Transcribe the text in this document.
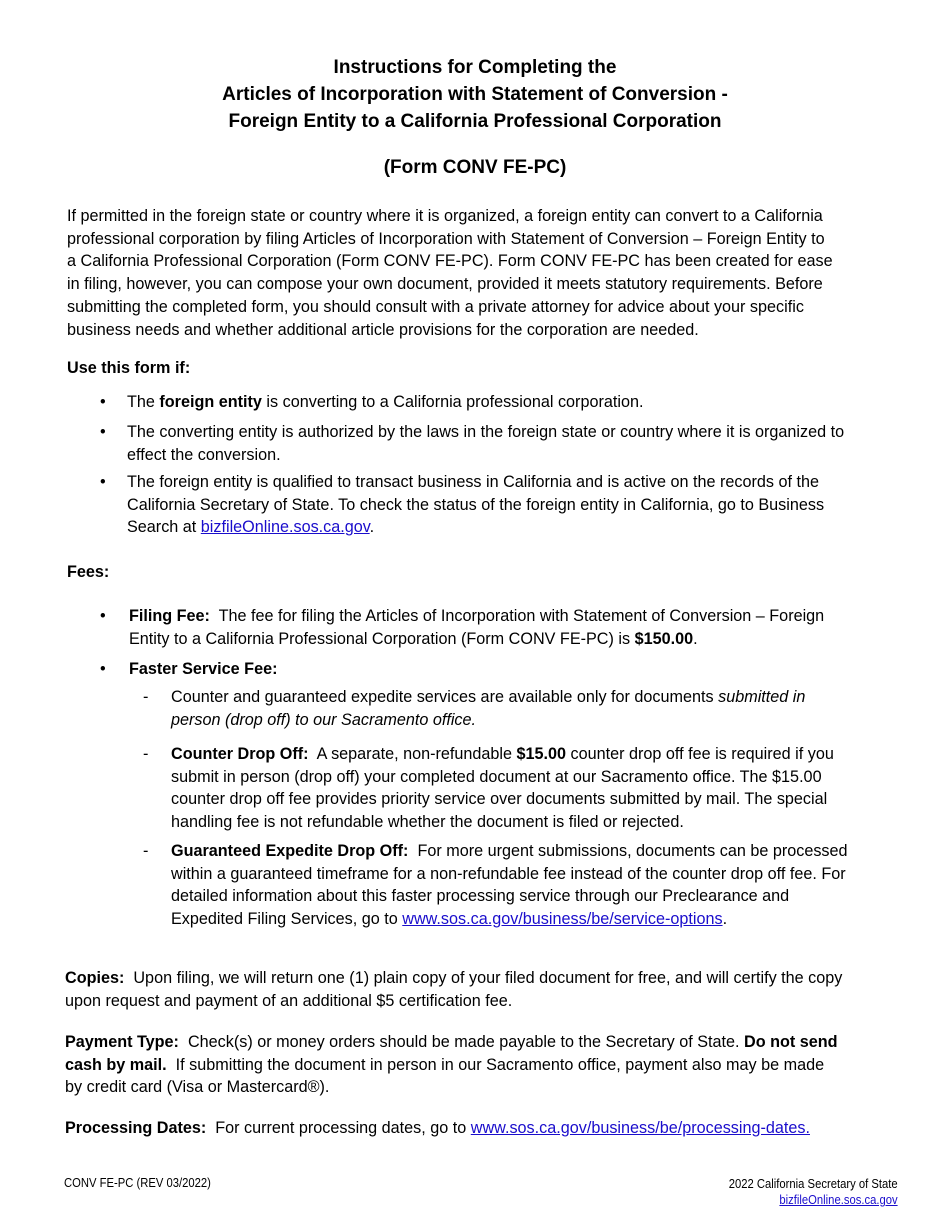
Instructions for Completing the
Articles of Incorporation with Statement of Conversion -
Foreign Entity to a California Professional Corporation
(Form CONV FE-PC)
If permitted in the foreign state or country where it is organized, a foreign entity can convert to a California
professional corporation by filing Articles of Incorporation with Statement of Conversion – Foreign Entity to
a California Professional Corporation (Form CONV FE-PC). Form CONV FE-PC has been created for ease
in filing, however, you can compose your own document, provided it meets statutory requirements. Before
submitting the completed form, you should consult with a private attorney for advice about your specific
business needs and whether additional article provisions for the corporation are needed.
Use this form if:
•	The foreign entity is converting to a California professional corporation.
•	The converting entity is authorized by the laws in the foreign state or country where it is organized to
effect the conversion.
•	The foreign entity is qualified to transact business in California and is active on the records of the
California Secretary of State. To check the status of the foreign entity in California, go to Business
Search at bizfileOnline.sos.ca.gov.
Fees:
•	Filing Fee:  The fee for filing the Articles of Incorporation with Statement of Conversion – Foreign
Entity to a California Professional Corporation (Form CONV FE-PC) is $150.00.
•	Faster Service Fee:
- Counter and guaranteed expedite services are available only for documents submitted in
person (drop off) to our Sacramento office.
- Counter Drop Off:  A separate, non-refundable $15.00 counter drop off fee is required if you
submit in person (drop off) your completed document at our Sacramento office. The $15.00
counter drop off fee provides priority service over documents submitted by mail. The special
handling fee is not refundable whether the document is filed or rejected.
- Guaranteed Expedite Drop Off:  For more urgent submissions, documents can be processed
within a guaranteed timeframe for a non-refundable fee instead of the counter drop off fee. For
detailed information about this faster processing service through our Preclearance and
Expedited Filing Services, go to www.sos.ca.gov/business/be/service-options.
Copies:  Upon filing, we will return one (1) plain copy of your filed document for free, and will certify the copy
upon request and payment of an additional $5 certification fee.
Payment Type:  Check(s) or money orders should be made payable to the Secretary of State. Do not send
cash by mail.  If submitting the document in person in our Sacramento office, payment also may be made
by credit card (Visa or Mastercard®).
Processing Dates:  For current processing dates, go to www.sos.ca.gov/business/be/processing-dates.
CONV FE-PC (REV 03/2022)	2022 California Secretary of State
bizfileOnline.sos.ca.gov
